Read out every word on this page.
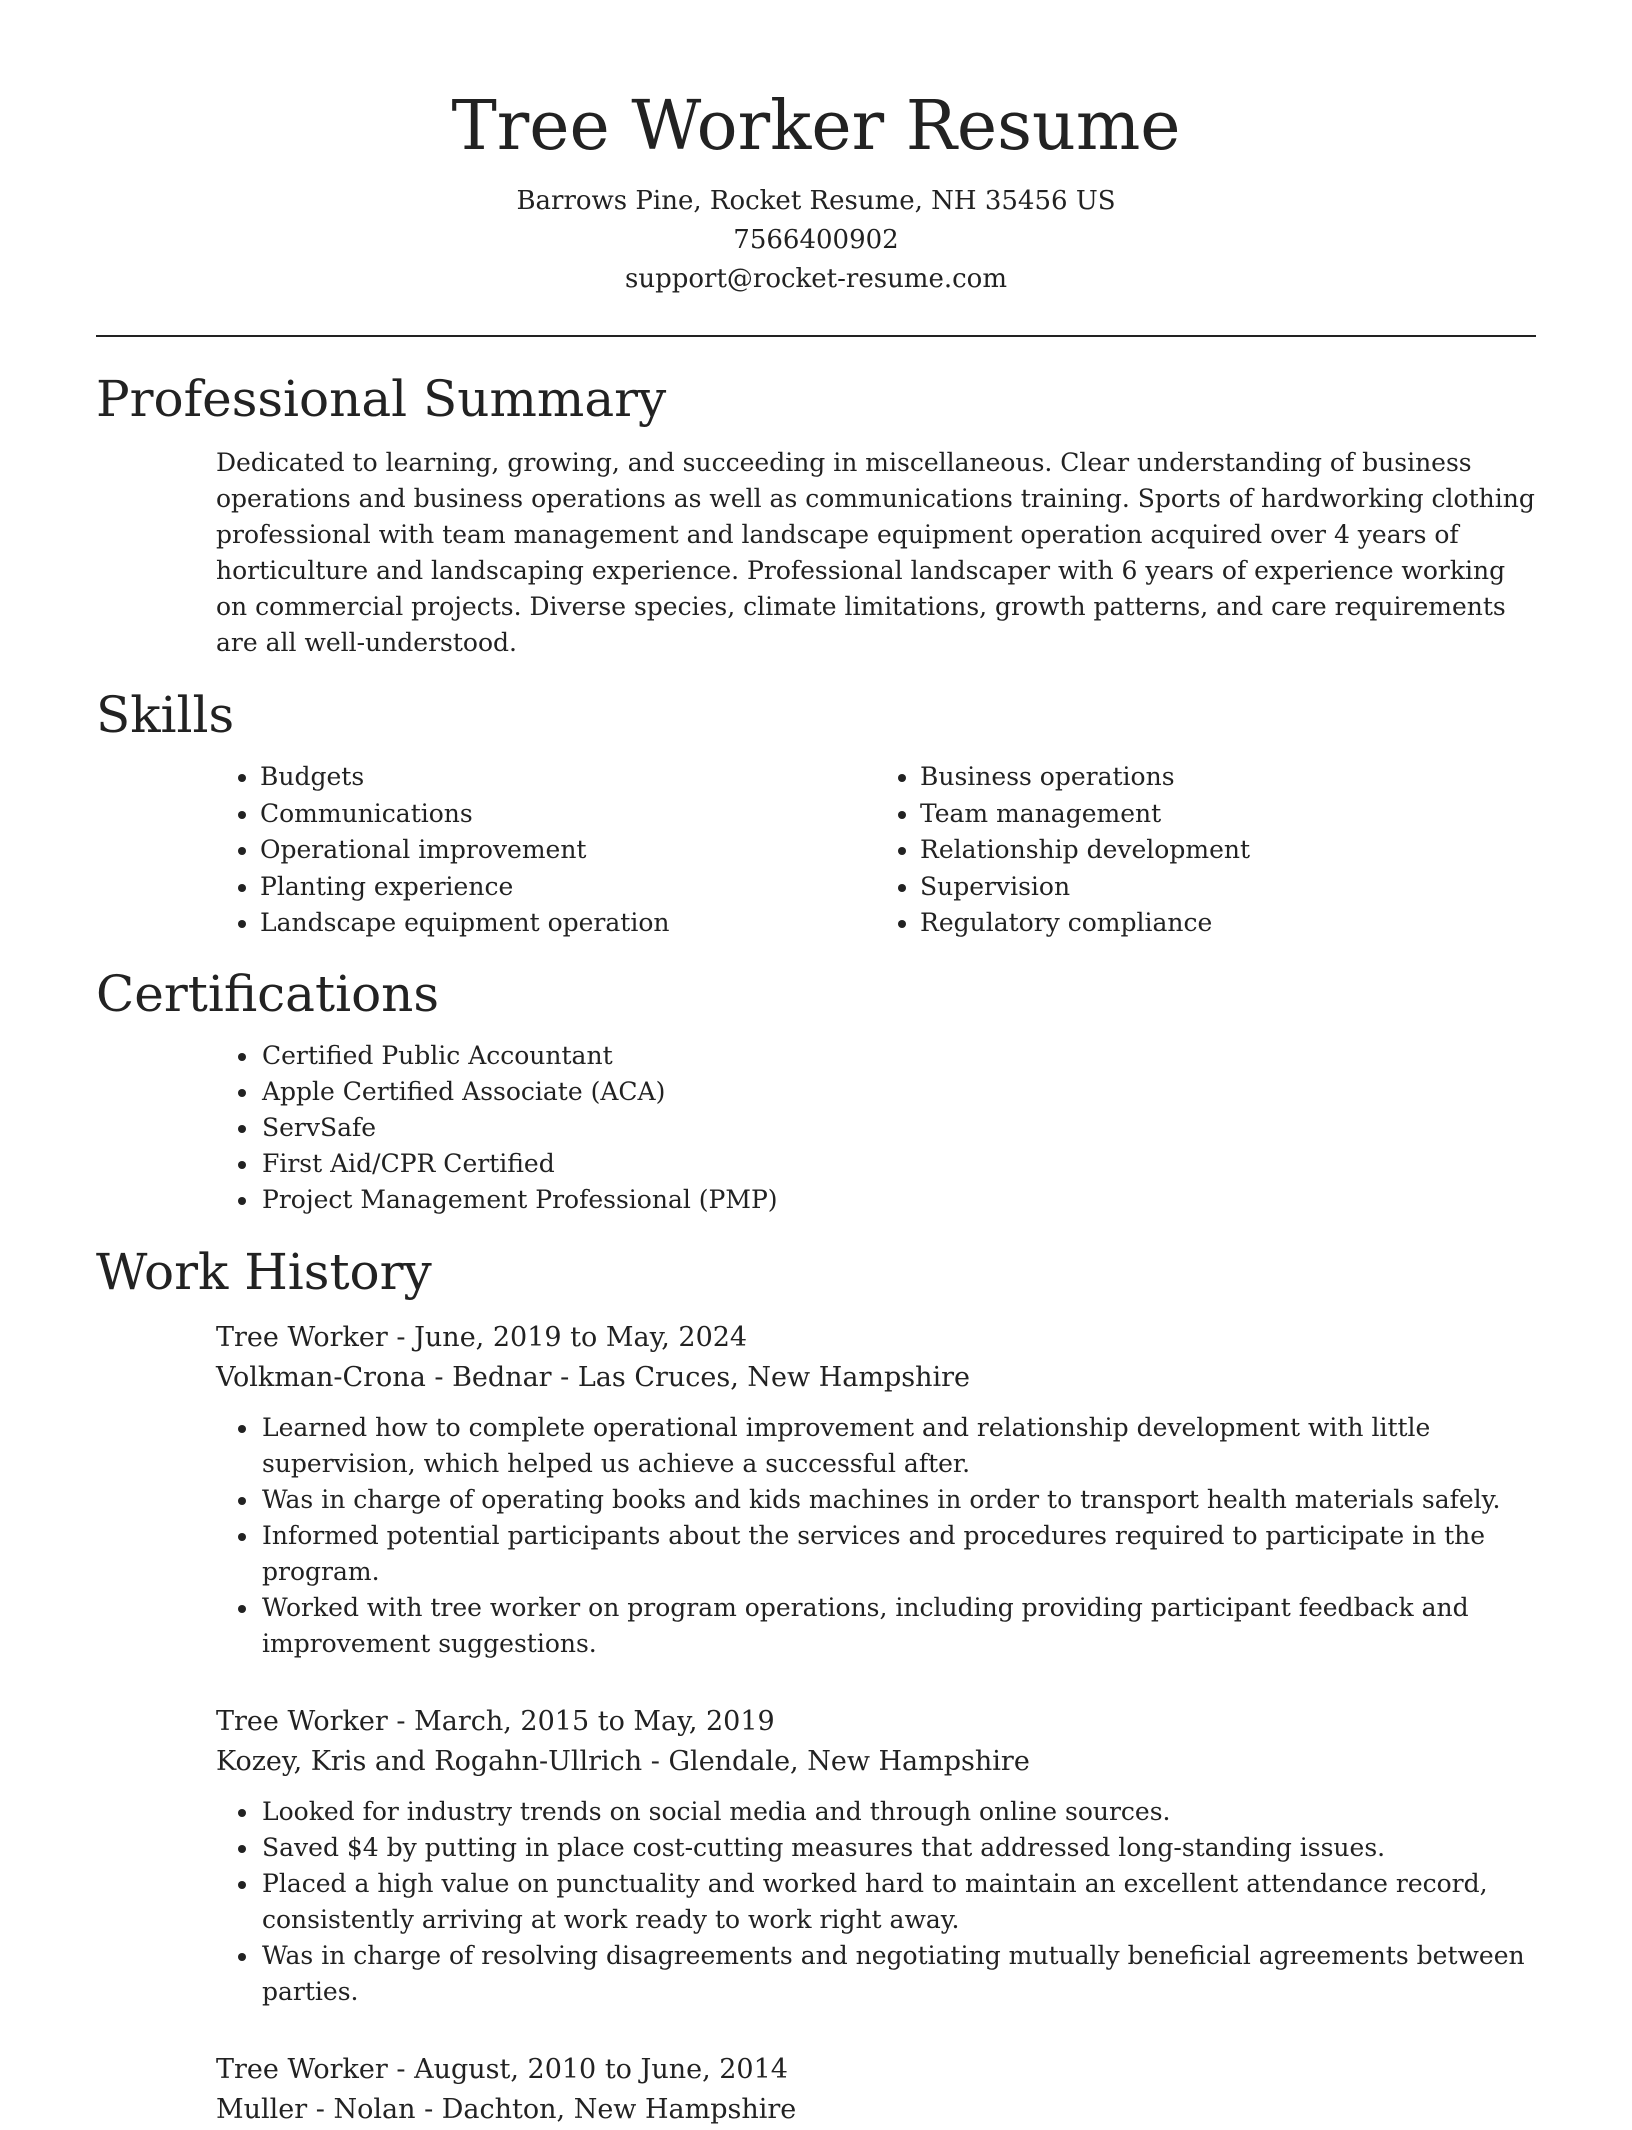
Tree Worker Resume
Barrows Pine, Rocket Resume, NH 35456 US
7566400902
support@rocket-resume.com
Professional Summary

Dedicated to learning, growing, and succeeding in miscellaneous. Clear understanding of business operations and business operations as well as communications training. Sports of hardworking clothing professional with team management and landscape equipment operation acquired over 4 years of horticulture and landscaping experience. Professional landscaper with 6 years of experience working on commercial projects. Diverse species, climate limitations, growth patterns, and care requirements are all well-understood.

Skills
• Budgets
• Communications
• Operational improvement
• Planting experience
• Landscape equipment operation
• Business operations
• Team management
• Relationship development
• Supervision
• Regulatory compliance
Certifications
• Certified Public Accountant
• Apple Certified Associate (ACA)
• ServSafe
• First Aid/CPR Certified
• Project Management Professional (PMP)
Work History
Tree Worker - June, 2019 to May, 2024
Volkman-Crona - Bednar - Las Cruces, New Hampshire
• Learned how to complete operational improvement and relationship development with little supervision, which helped us achieve a successful after.
• Was in charge of operating books and kids machines in order to transport health materials safely.
• Informed potential participants about the services and procedures required to participate in the program.
• Worked with tree worker on program operations, including providing participant feedback and improvement suggestions.
Tree Worker - March, 2015 to May, 2019
Kozey, Kris and Rogahn-Ullrich - Glendale, New Hampshire
• Looked for industry trends on social media and through online sources.
• Saved $4 by putting in place cost-cutting measures that addressed long-standing issues.
• Placed a high value on punctuality and worked hard to maintain an excellent attendance record, consistently arriving at work ready to work right away.
• Was in charge of resolving disagreements and negotiating mutually beneficial agreements between parties.
Tree Worker - August, 2010 to June, 2014
Muller - Nolan - Dachton, New Hampshire
